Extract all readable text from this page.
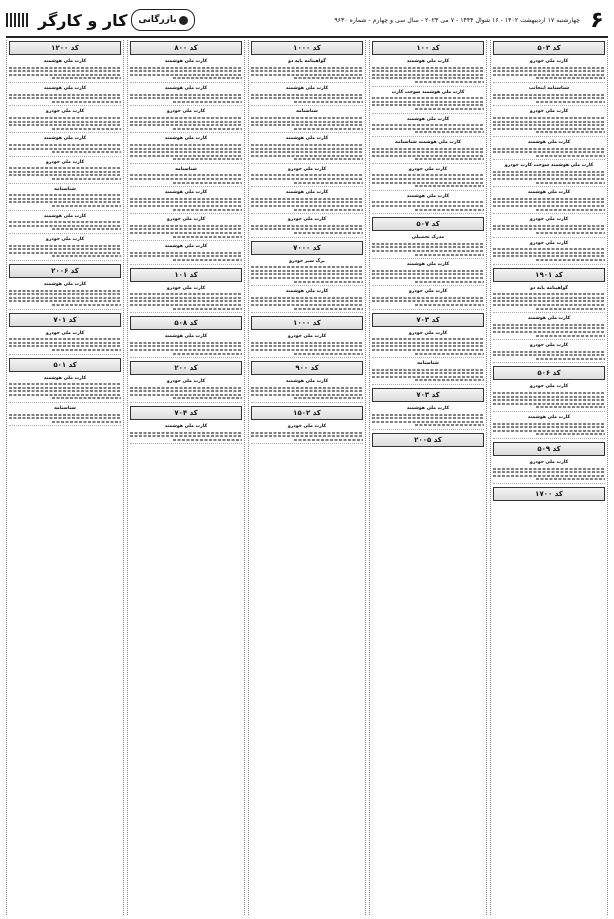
۶
چهارشنبه ۱۷ اردیبهشت ۱۴۰۲ - ۱۶ شوال ۱۴۴۴ - ۷ می ۲۰۲۳ - سال سی و چهارم - شماره ۹۶۳۰
بازرگانی
کار و کارگر
کد ۵۰۳
کارت ملی خودرو
شناسنامه اینجانب
کارت ملی خودرو
کارت ملی هوشمند
کارت ملی هوشمند سوخت کارت خودرو
کارت ملی هوشمند
کارت ملی خودرو
کارت ملی خودرو
کد ۱۹۰۱
گواهینامه پایه دو
کارت ملی هوشمند
کارت ملی خودرو
کد ۵۰۶
کارت ملی خودرو
کارت ملی هوشمند
کد ۵۰۹
کارت ملی خودرو
کد ۱۷۰۰
کد ۱۰۰
کارت ملی هوشمند
کارت ملی هوشمند سوخت کارت
کارت ملی هوشمند
کارت ملی هوشمند شناسنامه
کارت ملی خودرو
کارت ملی هوشمند
کد ۵۰۷
مدرک تحصیلی
کارت ملی هوشمند
کارت ملی خودرو
کد ۷۰۳
کارت ملی خودرو
شناسنامه
کد ۷۰۳
کارت ملی هوشمند
کد ۲۰۰۵
کد ۱۰۰۰
گواهینامه پایه دو
کارت ملی هوشمند
شناسنامه
کارت ملی هوشمند
کارت ملی خودرو
کارت ملی هوشمند
کارت ملی خودرو
کد ۷۰۰۰
برگ سبز خودرو
کارت ملی هوشمند
کد ۱۰۰۰
کارت ملی خودرو
کد ۹۰۰
کارت ملی هوشمند
کد ۱۵۰۲
کارت ملی خودرو
کد ۸۰۰
کارت ملی هوشمند
کارت ملی هوشمند
کارت ملی خودرو
کارت ملی هوشمند
شناسنامه
کارت ملی هوشمند
کارت ملی خودرو
کارت ملی هوشمند
کد ۱۰۱
کارت ملی خودرو
کد ۵۰۸
کارت ملی هوشمند
کد ۲۰۰
کارت ملی خودرو
کد ۷۰۴
کارت ملی هوشمند
کد ۱۲۰۰
کارت ملی هوشمند
کارت ملی هوشمند
کارت ملی خودرو
کارت ملی هوشمند
کارت ملی خودرو
شناسنامه
کارت ملی هوشمند
کارت ملی خودرو
کد ۲۰۰۶
کارت ملی هوشمند
کد ۷۰۱
کارت ملی خودرو
کد ۵۰۱
کارت ملی هوشمند
شناسنامه
